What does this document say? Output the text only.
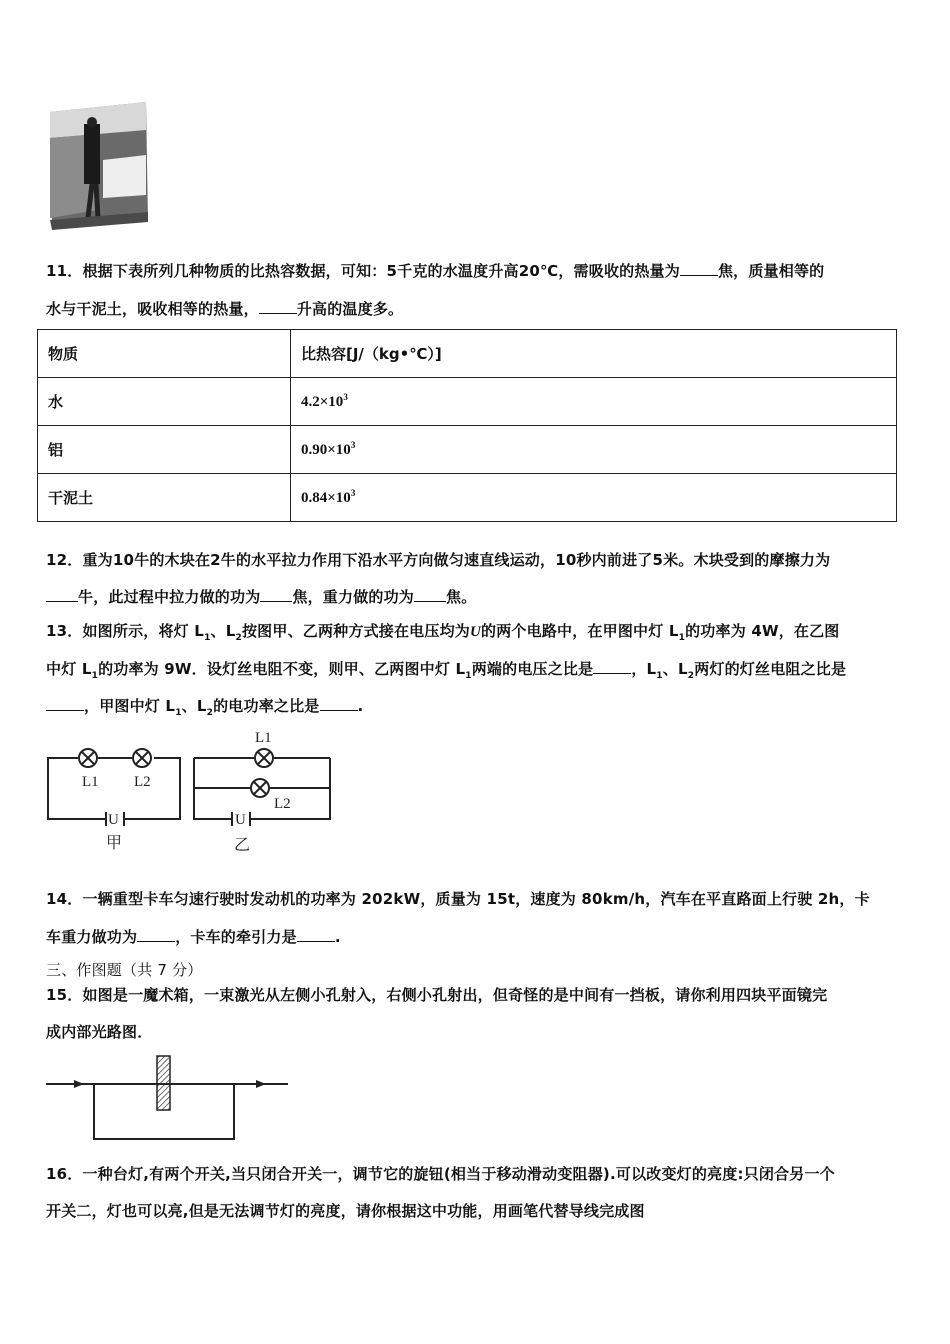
11．根据下表所列几种物质的比热容数据，可知：5千克的水温度升高20℃，需吸收的热量为	焦，质量相等的
水与干泥土，吸收相等的热量，	升高的温度多。
物质	比热容[J/（kg•℃）]
水	$4.2\times 10^3$
铝	$0.90\times 10^3$
干泥土	$0.84\times 10^3$
12．重为10牛的木块在2牛的水平拉力作用下沿水平方向做匀速直线运动，10秒内前进了5米。木块受到的摩擦力为
牛，此过程中拉力做的功为 焦，重力做的功为 焦。
13．如图所示，将灯 $L_1$、$L_2$按图甲、乙两种方式接在电压均为U的两个电路中，在甲图中灯 $L_1$的功率为 4W，在乙图
中灯 $L_1$的功率为 9W．设灯丝电阻不变，则甲、乙两图中灯 $L_1$两端的电压之比是	，$L_1$、$L_2$两灯的灯丝电阻之比是
，甲图中灯 $L_1$、$L_2$的电功率之比是	.
L1 L2
U
L1
L2
U
甲	乙
14．一辆重型卡车匀速行驶时发动机的功率为 202kW，质量为 15t，速度为 80km/h，汽车在平直路面上行驶 2h，卡
车重力做功为	，卡车的牵引力是	.
三、作图题（共 7 分）
15．如图是一魔术箱，一束激光从左侧小孔射入，右侧小孔射出，但奇怪的是中间有一挡板，请你利用四块平面镜完
成内部光路图．
16．一种台灯,有两个开关,当只闭合开关一，调节它的旋钮(相当于移动滑动变阻器).可以改变灯的亮度:只闭合另一个
开关二，灯也可以亮,但是无法调节灯的亮度，请你根据这中功能，用画笔代替导线完成图
